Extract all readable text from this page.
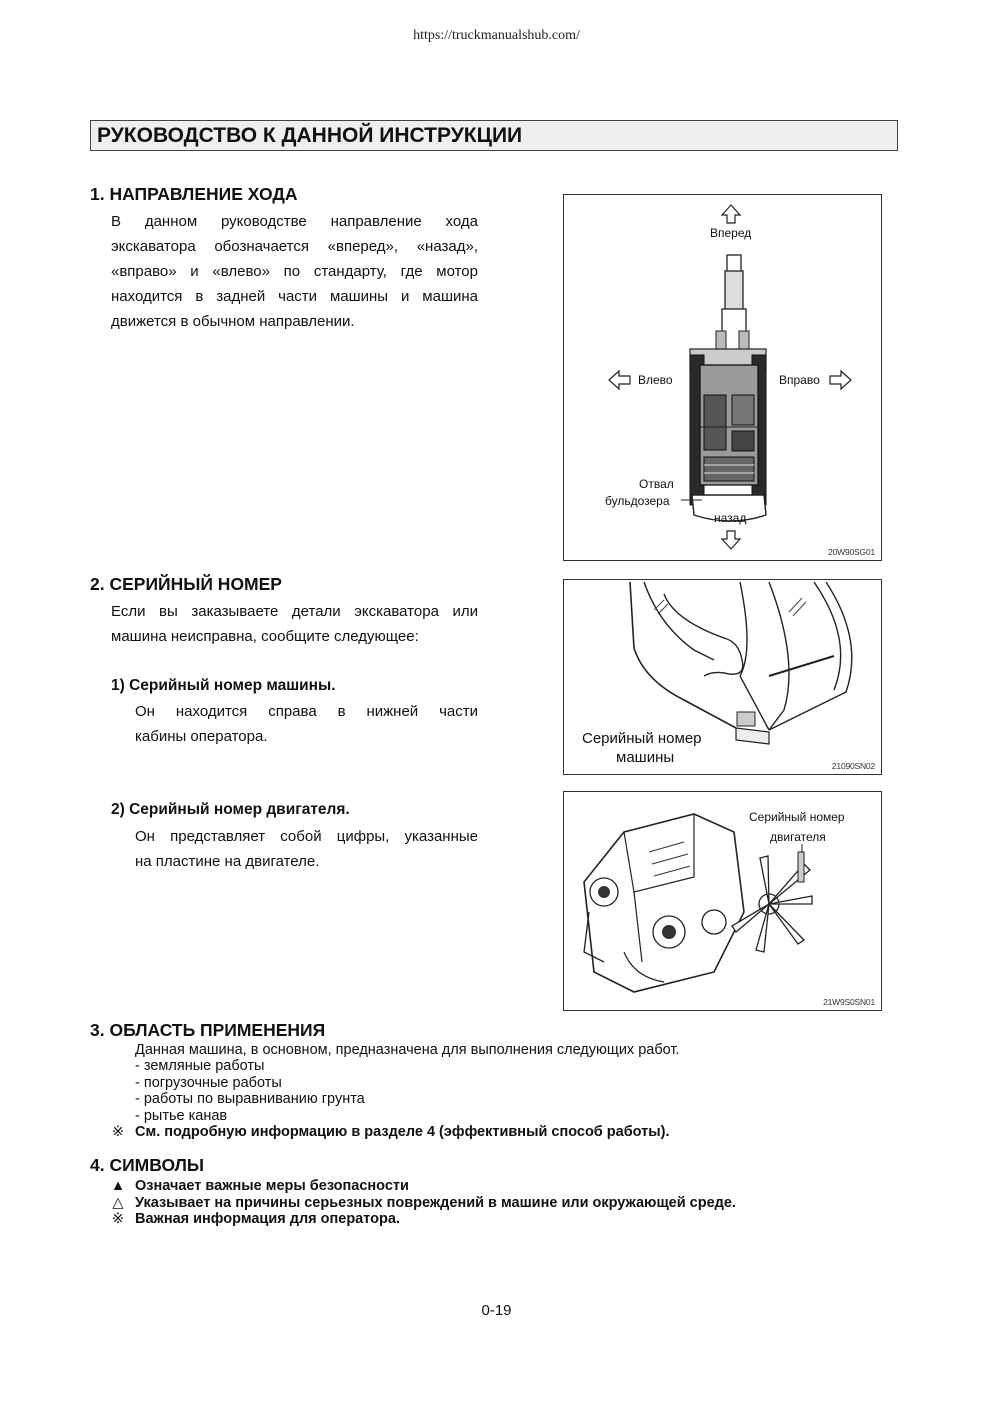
https://truckmanualshub.com/
РУКОВОДСТВО К ДАННОЙ ИНСТРУКЦИИ
1. НАПРАВЛЕНИЕ ХОДА
В данном руководстве направление хода
экскаватора обозначается «вперед», «назад»,
«вправо» и «влево» по стандарту, где мотор
находится в задней части машины и машина
движется в обычном направлении.
Вперед
Влево	Вправо
Отвал
бульдозера
назад
20W90SG01
2. СЕРИЙНЫЙ НОМЕР
Если вы заказываете детали экскаватора или
машина неисправна, сообщите следующее:
1) Серийный номер машины.
Он находится справа в нижней части
кабины оператора.	Серийный номер
машины	21090SN02
2) Серийный номер двигателя.
Он представляет собой цифры, указанные
на пластине на двигателе.
Серийный номер
двигателя
21W9S0SN01
3. ОБЛАСТЬ ПРИМЕНЕНИЯ
Данная машина, в основном, предназначена для выполнения следующих работ.
- земляные работы
- погрузочные работы
- работы по выравниванию грунта
- рытье канав
※ См. подробную информацию в разделе 4 (эффективный способ работы).
4. СИМВОЛЫ
▲ Означает важные меры безопасности
△ Указывает на причины серьезных повреждений в машине или окружающей среде.
※ Важная информация для оператора.
0-19
